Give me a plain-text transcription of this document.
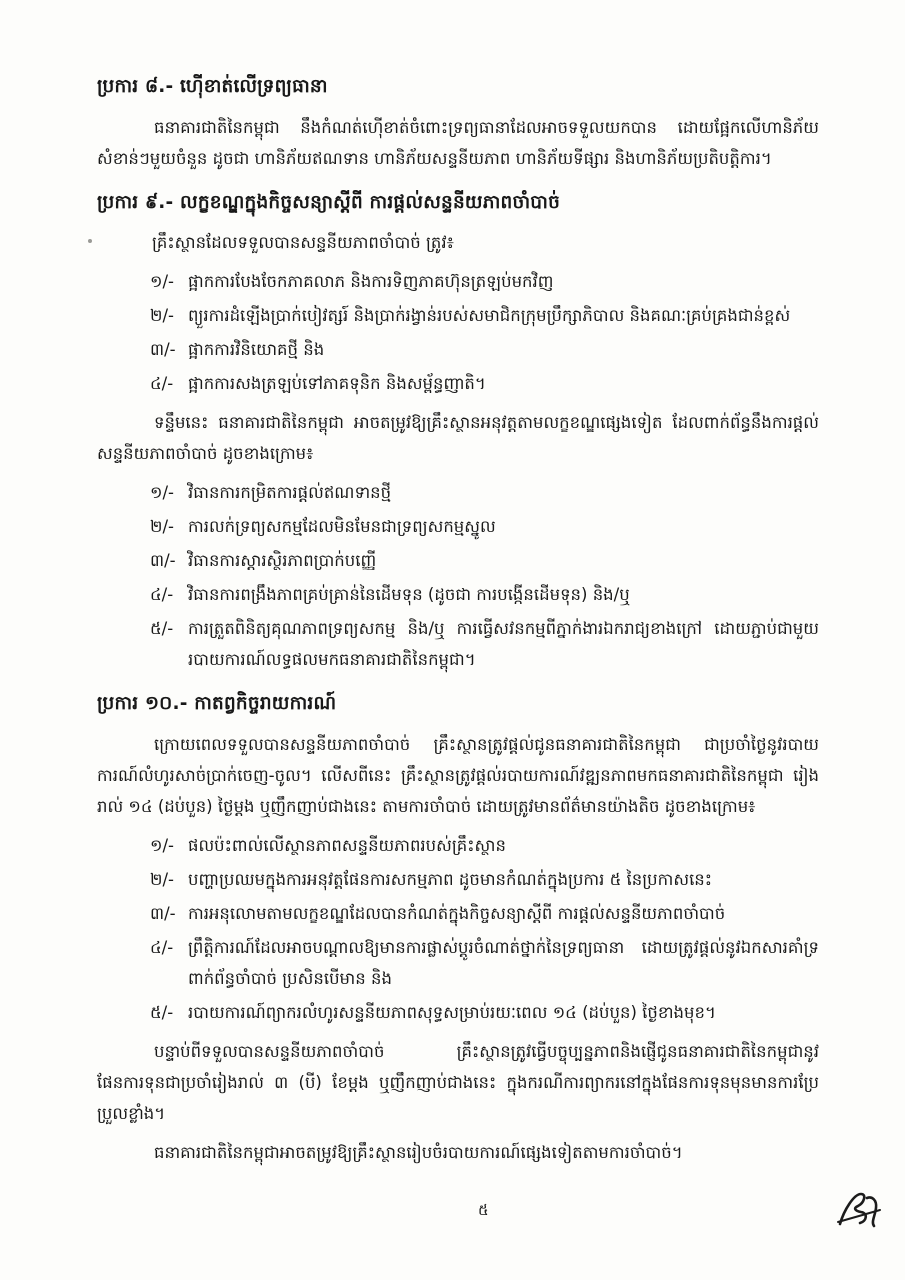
ប្រការ ៨.- ហ៊ើខាត់លើទ្រព្យធានា

ធនាគារជាតិនៃកម្ពុជា នឹងកំណត់ហ៊ើខាត់ចំពោះទ្រព្យធានាដែលអាចទទួលយកបាន ដោយផ្អែកលើហានិភ័យសំខាន់ៗមួយចំនួន ដូចជា ហានិភ័យឥណទាន ហានិភ័យសន្ទនីយភាព ហានិភ័យទីផ្សារ និងហានិភ័យប្រតិបត្តិការ។

ប្រការ ៩.- លក្ខខណ្ឌក្នុងកិច្ចសន្យាស្តីពី ការផ្តល់សន្ទនីយភាពចាំបាច់

គ្រឹះស្ថានដែលទទួលបានសន្ទនីយភាពចាំបាច់ ត្រូវ៖

១/- ផ្អាកការបែងចែកភាគលាភ និងការទិញភាគហ៊ុនត្រឡប់មកវិញ
២/- ព្យួរការដំឡើងប្រាក់បៀវត្សរ៍ និងប្រាក់រង្វាន់របស់សមាជិកក្រុមប្រឹក្សាភិបាល និងគណៈគ្រប់គ្រងជាន់ខ្ពស់
៣/- ផ្អាកការវិនិយោគថ្មី និង
៤/- ផ្អាកការសងត្រឡប់ទៅភាគទុនិក និងសម្ព័ន្ធញាតិ។

ទន្ទឹមនេះ ធនាគារជាតិនៃកម្ពុជា អាចតម្រូវឱ្យគ្រឹះស្ថានអនុវត្តតាមលក្ខខណ្ឌផ្សេងទៀត ដែលពាក់ព័ន្ធនឹងការផ្តល់សន្ទនីយភាពចាំបាច់ ដូចខាងក្រោម៖

១/- វិធានការកម្រិតការផ្តល់ឥណទានថ្មី
២/- ការលក់ទ្រព្យសកម្មដែលមិនមែនជាទ្រព្យសកម្មស្នូល
៣/- វិធានការស្តារស្ថិរភាពប្រាក់បញ្ញើ
៤/- វិធានការពង្រឹងភាពគ្រប់គ្រាន់នៃដើមទុន (ដូចជា ការបង្កើនដើមទុន) និង/ឬ
៥/- ការត្រួតពិនិត្យគុណភាពទ្រព្យសកម្ម និង/ឬ ការធ្វើសវនកម្មពីភ្នាក់ងារឯករាជ្យខាងក្រៅ ដោយភ្ជាប់ជាមួយរបាយការណ៍លទ្ធផលមកធនាគារជាតិនៃកម្ពុជា។
ប្រការ ១០.- កាតព្វកិច្ចរាយការណ៍

ក្រោយពេលទទួលបានសន្ទនីយភាពចាំបាច់ គ្រឹះស្ថានត្រូវផ្តល់ជូនធនាគារជាតិនៃកម្ពុជា ជាប្រចាំថ្ងៃនូវរបាយការណ៍លំហូរសាច់ប្រាក់ចេញ-ចូល។ លើសពីនេះ គ្រឹះស្ថានត្រូវផ្តល់របាយការណ៍វឌ្ឍនភាពមកធនាគារជាតិនៃកម្ពុជា រៀងរាល់ ១៤ (ដប់បួន) ថ្ងៃម្តង ឬញឹកញាប់ជាងនេះ តាមការចាំបាច់ ដោយត្រូវមានព័ត៌មានយ៉ាងតិច ដូចខាងក្រោម៖

១/- ផលប៉ះពាល់លើស្ថានភាពសន្ទនីយភាពរបស់គ្រឹះស្ថាន
២/- បញ្ហាប្រឈមក្នុងការអនុវត្តផែនការសកម្មភាព ដូចមានកំណត់ក្នុងប្រការ ៥ នៃប្រកាសនេះ
៣/- ការអនុលោមតាមលក្ខខណ្ឌដែលបានកំណត់ក្នុងកិច្ចសន្យាស្តីពី ការផ្តល់សន្ទនីយភាពចាំបាច់
៤/- ព្រឹត្តិការណ៍ដែលអាចបណ្តាលឱ្យមានការផ្លាស់ប្តូរចំណាត់ថ្នាក់នៃទ្រព្យធានា ដោយត្រូវផ្តល់នូវឯកសារគាំទ្រពាក់ព័ន្ធចាំបាច់ ប្រសិនបើមាន និង
៥/- របាយការណ៍ព្យាករលំហូរសន្ទនីយភាពសុទ្ធសម្រាប់រយៈពេល ១៤ (ដប់បួន) ថ្ងៃខាងមុខ។

បន្ទាប់ពីទទួលបានសន្ទនីយភាពចាំបាច់ គ្រឹះស្ថានត្រូវធ្វើបច្ចុប្បន្នភាពនិងផ្ញើជូនធនាគារជាតិនៃកម្ពុជានូវផែនការទុនជាប្រចាំរៀងរាល់ ៣ (បី) ខែម្តង ឬញឹកញាប់ជាងនេះ ក្នុងករណីការព្យាករនៅក្នុងផែនការទុនមុនមានការប្រែប្រួលខ្លាំង។

ធនាគារជាតិនៃកម្ពុជាអាចតម្រូវឱ្យគ្រឹះស្ថានរៀបចំរបាយការណ៍ផ្សេងទៀតតាមការចាំបាច់។

៥
